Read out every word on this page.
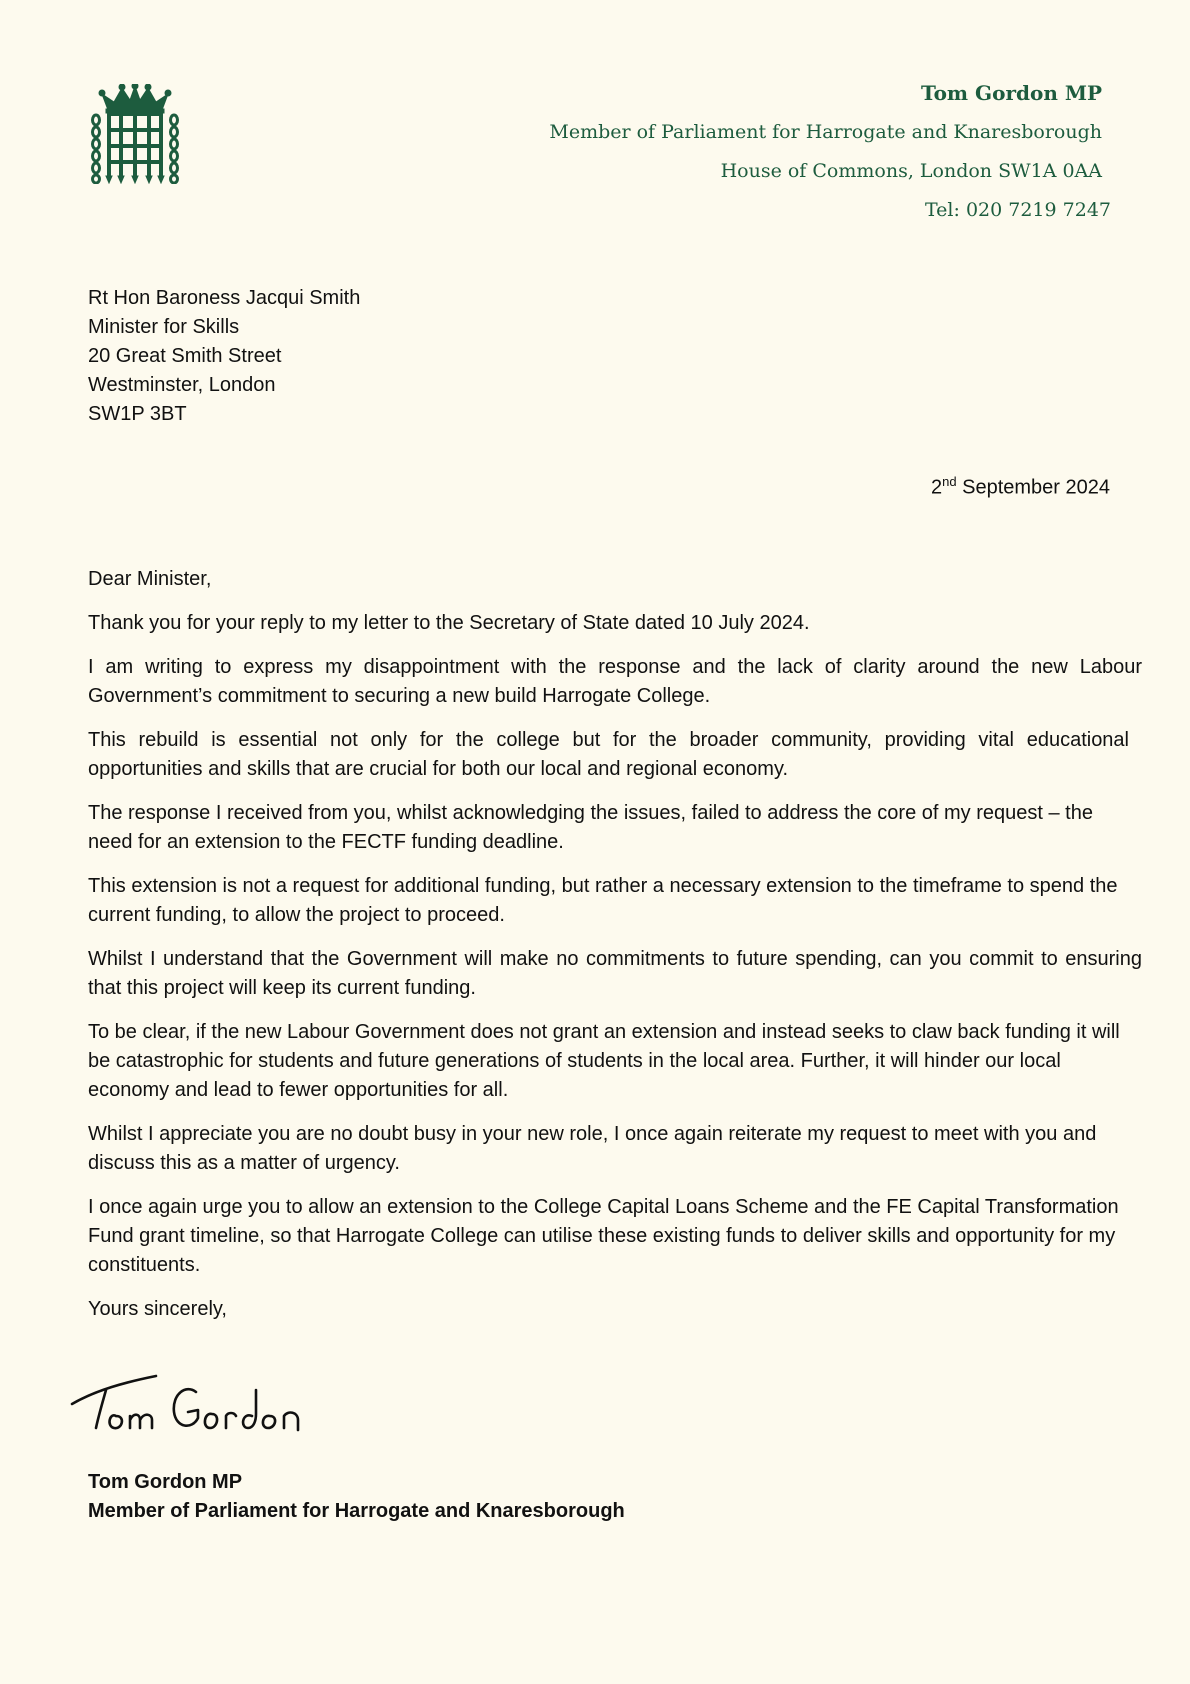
Tom Gordon MP
Member of Parliament for Harrogate and Knaresborough
House of Commons, London SW1A 0AA
Tel: 020 7219 7247
Rt Hon Baroness Jacqui Smith
Minister for Skills
20 Great Smith Street
Westminster, London
SW1P 3BT
2nd September 2024

Dear Minister,

Thank you for your reply to my letter to the Secretary of State dated 10 July 2024.

I am writing to express my disappointment with the response and the lack of clarity around the new Labour Government’s commitment to securing a new build Harrogate College.

This rebuild is essential not only for the college but for the broader community, providing vital educational opportunities and skills that are crucial for both our local and regional economy.

The response I received from you, whilst acknowledging the issues, failed to address the core of my request – the need for an extension to the FECTF funding deadline.

This extension is not a request for additional funding, but rather a necessary extension to the timeframe to spend the current funding, to allow the project to proceed.

Whilst I understand that the Government will make no commitments to future spending, can you commit to ensuring that this project will keep its current funding.

To be clear, if the new Labour Government does not grant an extension and instead seeks to claw back funding it will be catastrophic for students and future generations of students in the local area. Further, it will hinder our local economy and lead to fewer opportunities for all.

Whilst I appreciate you are no doubt busy in your new role, I once again reiterate my request to meet with you and discuss this as a matter of urgency.

I once again urge you to allow an extension to the College Capital Loans Scheme and the FE Capital Transformation Fund grant timeline, so that Harrogate College can utilise these existing funds to deliver skills and opportunity for my constituents.

Yours sincerely,

Tom Gordon MP
Member of Parliament for Harrogate and Knaresborough
